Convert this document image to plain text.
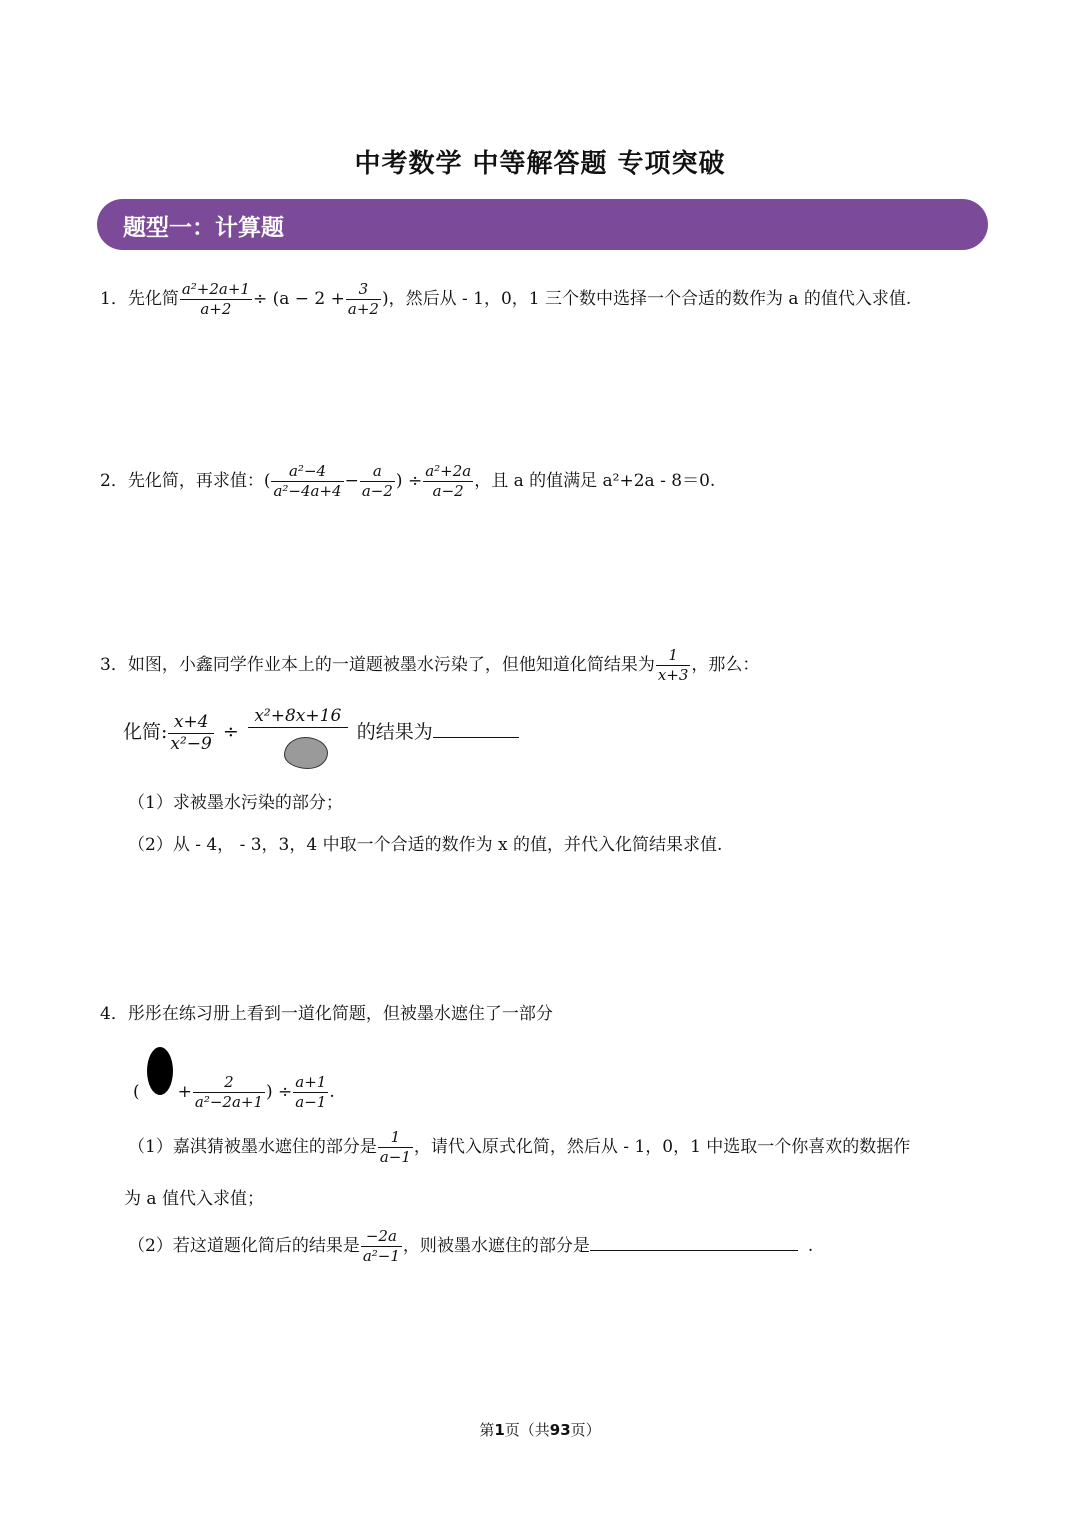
中考数学 中等解答题 专项突破
题型一：计算题
1．先化简 $\frac{\text{a²+2a+1}}{a+2} \div (a - 2 + \frac{3}{a+2}$ )，然后从 - 1，0，1 三个数中选择一个合适的数作为 a 的值代入求值.
2．先化简，再求值：( $\frac{\text{a²−4}}{\text{a²−4a+4}} - \frac{a}{a-2}$ ) ÷ $\frac{\text{a²+2a}}{a-2}$ ，且 a 的值满足 a²+2a - 8＝0.
3．如图，小鑫同学作业本上的一道题被墨水污染了，但他知道化简结果为 $\frac{1}{x+3}$ ，那么：
化简: $\frac{x+4}{\text{x²−9}}$ ÷
x²+8x+16
的结果为
（1）求被墨水污染的部分；
（2）从 - 4， - 3，3，4 中取一个合适的数作为 x 的值，并代入化简结果求值.
4．彤彤在练习册上看到一道化简题，但被墨水遮住了一部分
( + $\frac{2}{\text{a²−2a+1}}$ ) ÷ $\frac{a+1}{a-1}$ .
（1）嘉淇猜被墨水遮住的部分是 $\frac{1}{a-1}$ ，请代入原式化简，然后从 - 1，0，1 中选取一个你喜欢的数据作
为 a 值代入求值；
（2）若这道题化简后的结果是 $\frac{-2a}{\text{a²−1}}$ ，则被墨水遮住的部分是	.
第1页（共93页）
